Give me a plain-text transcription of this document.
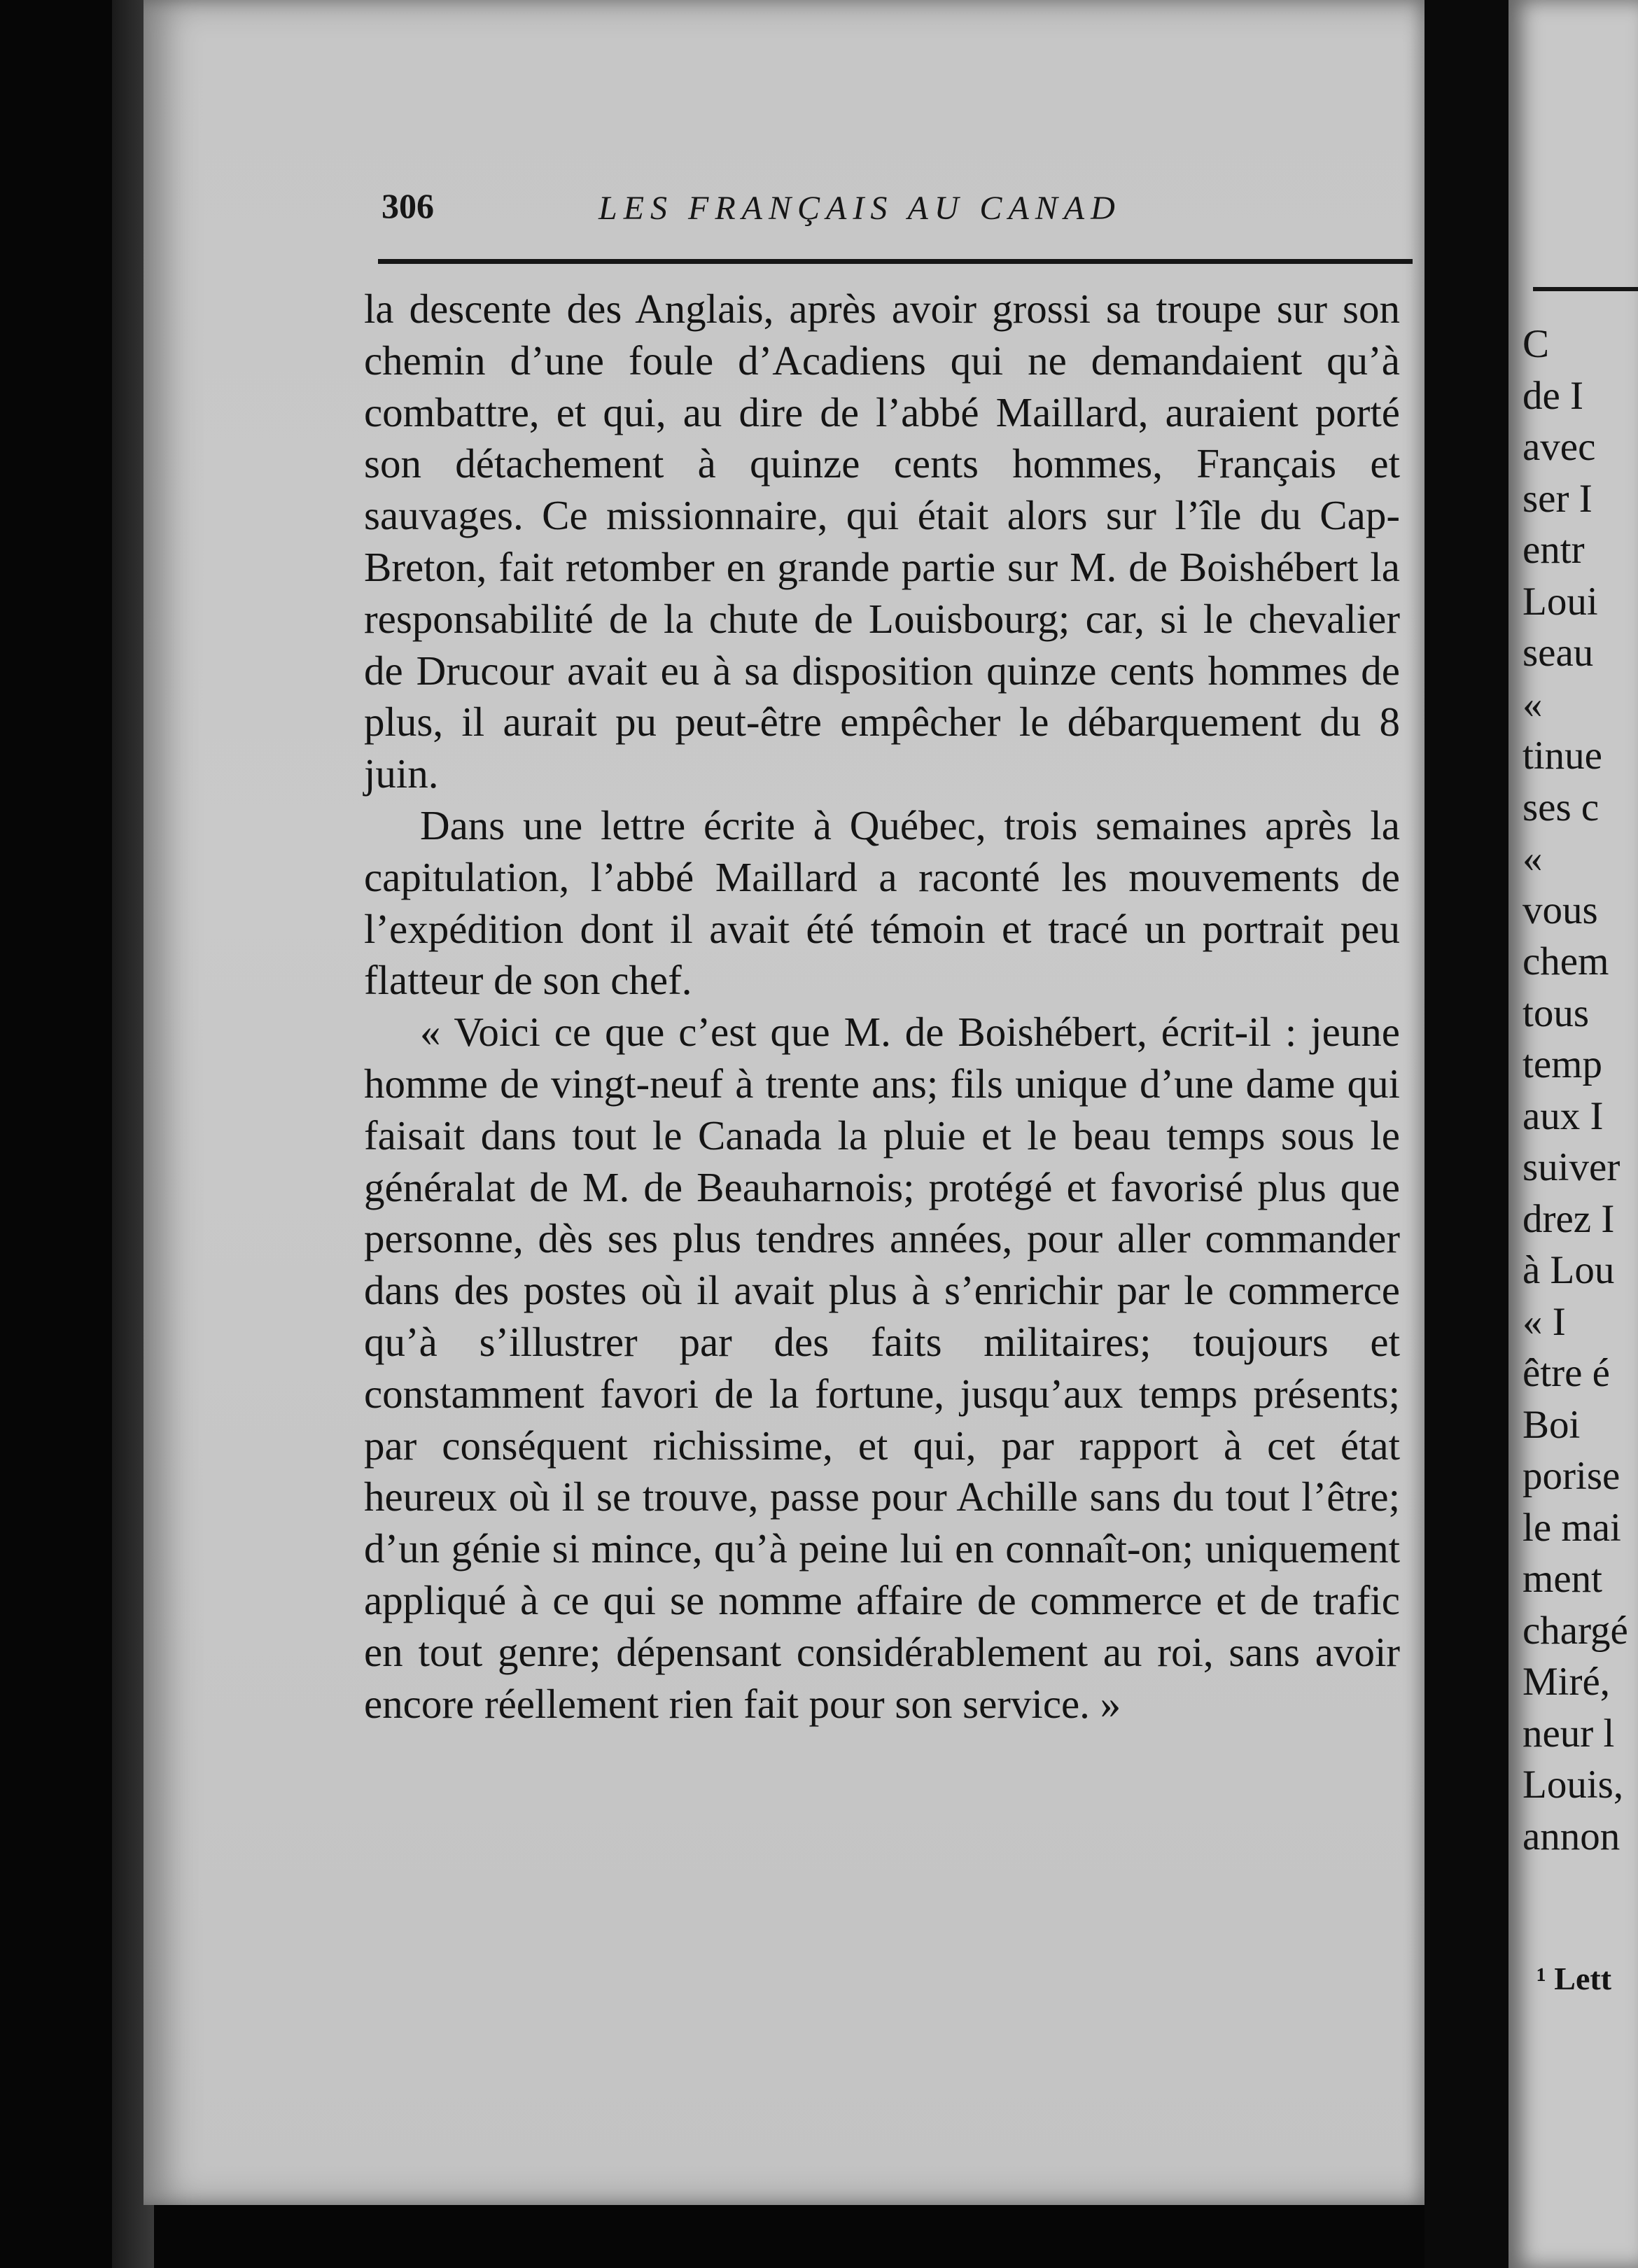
306	LES FRANÇAIS AU CANAD

la descente des Anglais, après avoir grossi sa troupe sur son chemin d’une foule d’Acadiens qui ne demandaient qu’à combattre, et qui, au dire de l’abbé Maillard, auraient porté son détachement à quinze cents hommes, Français et sauvages. Ce missionnaire, qui était alors sur l’île du Cap-Breton, fait retomber en grande partie sur M. de Boishébert la responsabilité de la chute de Louisbourg; car, si le chevalier de Drucour avait eu à sa disposition quinze cents hommes de plus, il aurait pu peut-être empêcher le débarquement du 8 juin.

Dans une lettre écrite à Québec, trois semaines après la capitulation, l’abbé Maillard a raconté les mouvements de l’expédition dont il avait été témoin et tracé un portrait peu flatteur de son chef.

« Voici ce que c’est que M. de Boishébert, écrit-il : jeune homme de vingt-neuf à trente ans; fils unique d’une dame qui faisait dans tout le Canada la pluie et le beau temps sous le généralat de M. de Beauharnois; protégé et favorisé plus que personne, dès ses plus tendres années, pour aller commander dans des postes où il avait plus à s’enrichir par le commerce qu’à s’illustrer par des faits militaires; toujours et constamment favori de la fortune, jusqu’aux temps présents; par conséquent richissime, et qui, par rapport à cet état heureux où il se trouve, passe pour Achille sans du tout l’être; d’un génie si mince, qu’à peine lui en connaît-on; uniquement appliqué à ce qui se nomme affaire de commerce et de trafic en tout genre; dépensant considérablement au roi, sans avoir encore réellement rien fait pour son service. »

C
de I
avec
ser I
entr
Loui
seau
«
tinue
ses c
«
vous
chem
tous
temp
aux I
suiver
drez I
à Lou
« I
être é
Boi
porise
le mai
ment
chargé
Miré,
neur l
Louis,
annon
¹ Lett
